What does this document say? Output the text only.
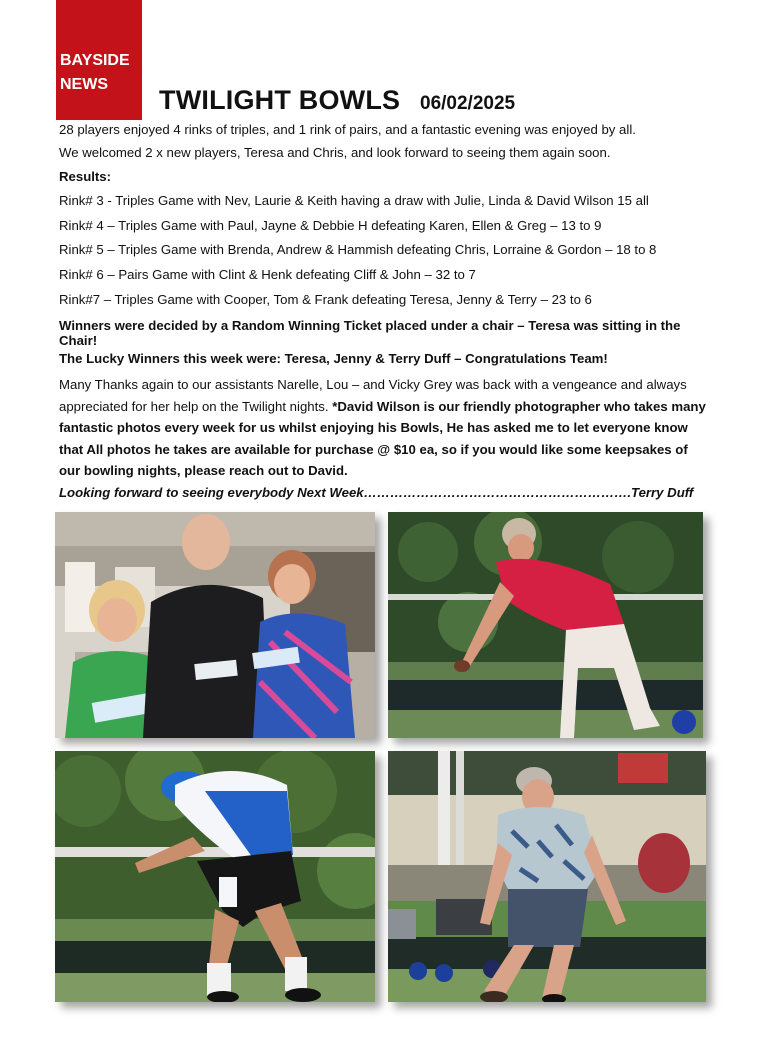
BAYSIDE
NEWS
TWILIGHT BOWLS 06/02/2025
28 players enjoyed 4 rinks of triples, and 1 rink of pairs, and a fantastic evening was enjoyed by all.
We welcomed 2 x new players, Teresa and Chris, and look forward to seeing them again soon.
Results:
Rink# 3 - Triples Game with Nev, Laurie & Keith having a draw with Julie, Linda & David Wilson 15 all
Rink# 4 – Triples Game with Paul, Jayne & Debbie H defeating Karen, Ellen & Greg – 13 to 9
Rink# 5 – Triples Game with Brenda, Andrew & Hammish defeating Chris, Lorraine & Gordon – 18 to 8
Rink# 6 – Pairs Game with Clint & Henk defeating Cliff & John – 32 to 7
Rink#7 – Triples Game with Cooper, Tom & Frank defeating Teresa, Jenny & Terry – 23 to 6
Winners were decided by a Random Winning Ticket placed under a chair – Teresa was sitting in the
Chair!
The Lucky Winners this week were: Teresa, Jenny & Terry Duff – Congratulations Team!
Many Thanks again to our assistants Narelle, Lou – and Vicky Grey was back with a vengeance and always appreciated for her help on the Twilight nights. *David Wilson is our friendly photographer who takes many fantastic photos every week for us whilst enjoying his Bowls, He has asked me to let everyone know that All photos he takes are available for purchase @ $10 ea, so if you would like some keepsakes of our bowling nights, please reach out to David.
Looking forward to seeing everybody Next Week…………………………………………………….Terry Duff
